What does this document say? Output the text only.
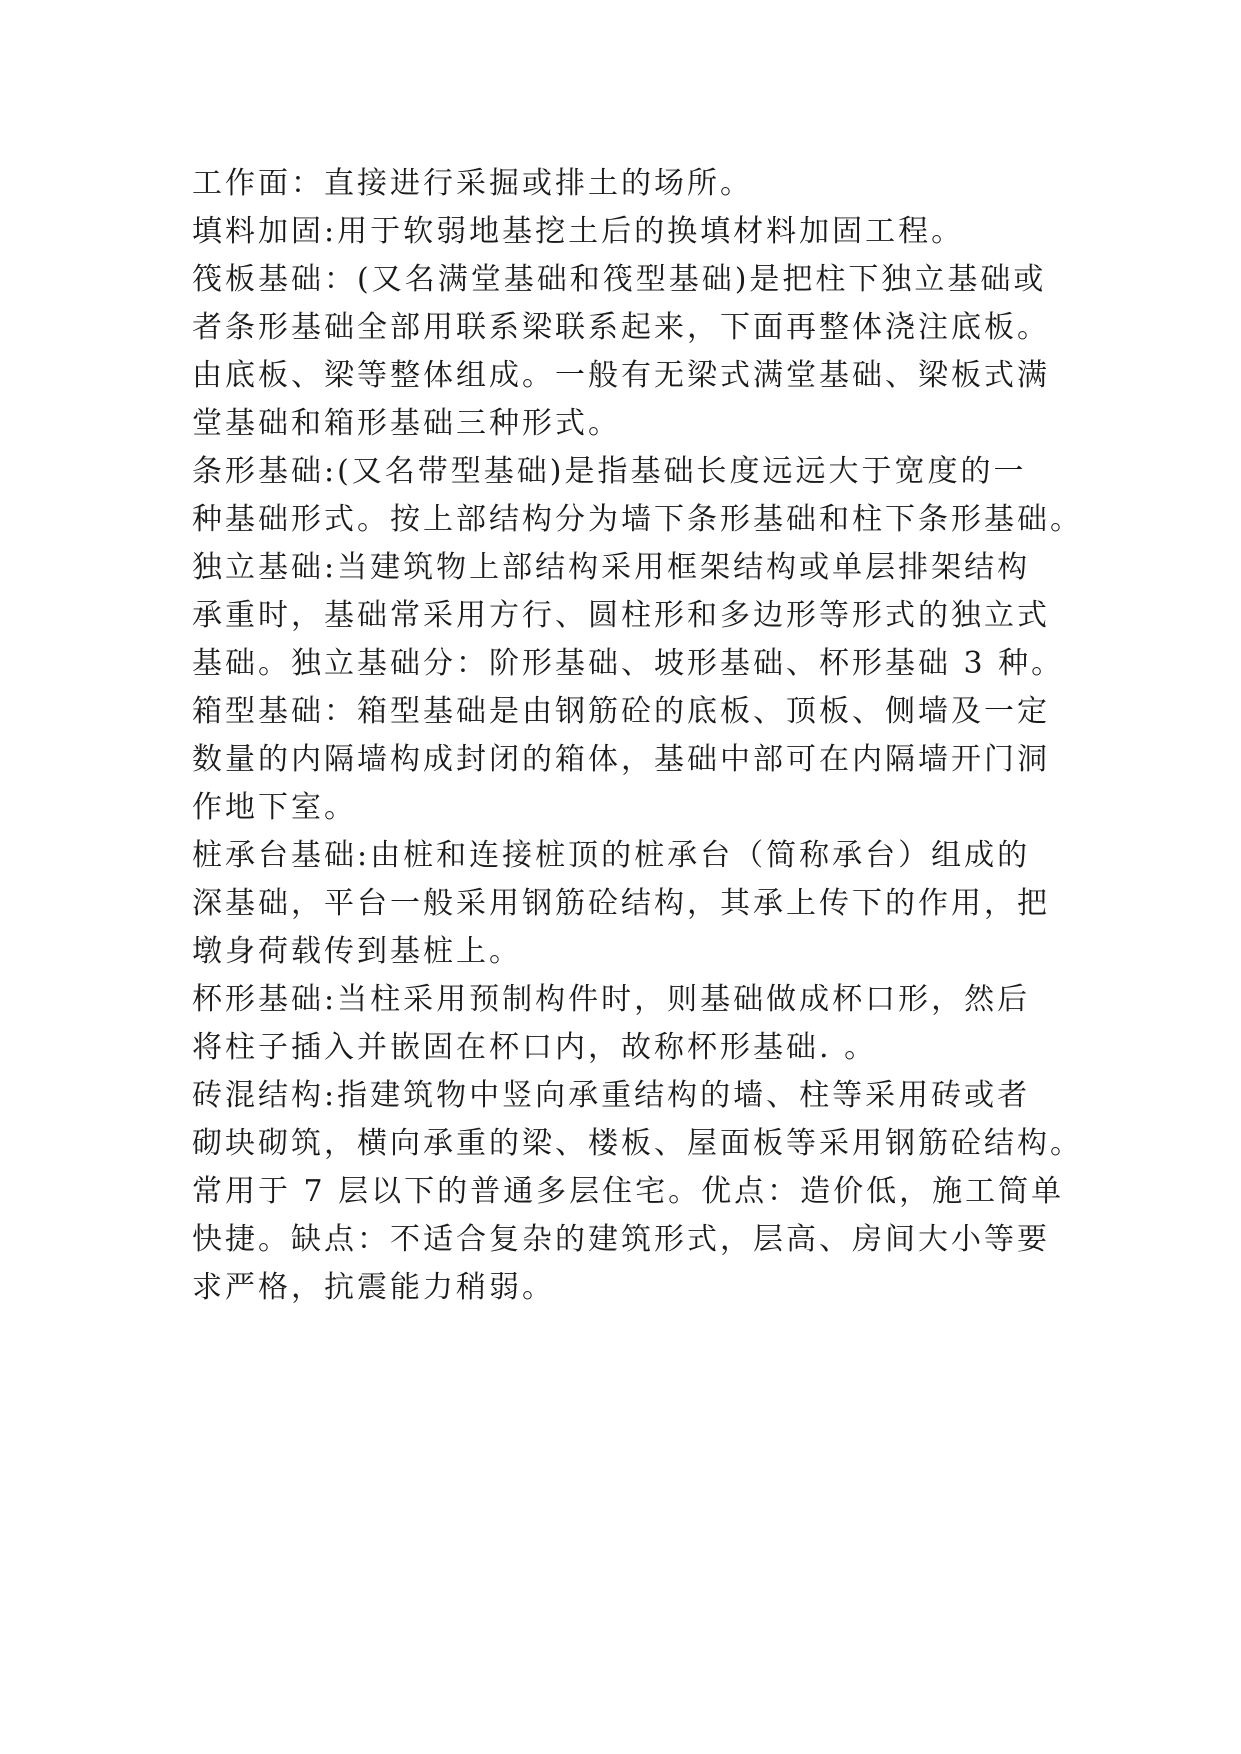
工作面：直接进行采掘或排土的场所。
填料加固:用于软弱地基挖土后的换填材料加固工程。
筏板基础：(又名满堂基础和筏型基础)是把柱下独立基础或
者条形基础全部用联系梁联系起来，下面再整体浇注底板。
由底板、梁等整体组成。一般有无梁式满堂基础、梁板式满
堂基础和箱形基础三种形式。
条形基础:(又名带型基础)是指基础长度远远大于宽度的一
种基础形式。按上部结构分为墙下条形基础和柱下条形基础。
独立基础:当建筑物上部结构采用框架结构或单层排架结构
承重时，基础常采用方行、圆柱形和多边形等形式的独立式
基础。独立基础分：阶形基础、坡形基础、杯形基础 3 种。
箱型基础：箱型基础是由钢筋砼的底板、顶板、侧墙及一定
数量的内隔墙构成封闭的箱体，基础中部可在内隔墙开门洞
作地下室。
桩承台基础:由桩和连接桩顶的桩承台（简称承台）组成的
深基础，平台一般采用钢筋砼结构，其承上传下的作用，把
墩身荷载传到基桩上。
杯形基础:当柱采用预制构件时，则基础做成杯口形，然后
将柱子插入并嵌固在杯口内，故称杯形基础. 。
砖混结构:指建筑物中竖向承重结构的墙、柱等采用砖或者
砌块砌筑，横向承重的梁、楼板、屋面板等采用钢筋砼结构。
常用于 7 层以下的普通多层住宅。优点：造价低，施工简单
快捷。缺点：不适合复杂的建筑形式，层高、房间大小等要
求严格，抗震能力稍弱。
